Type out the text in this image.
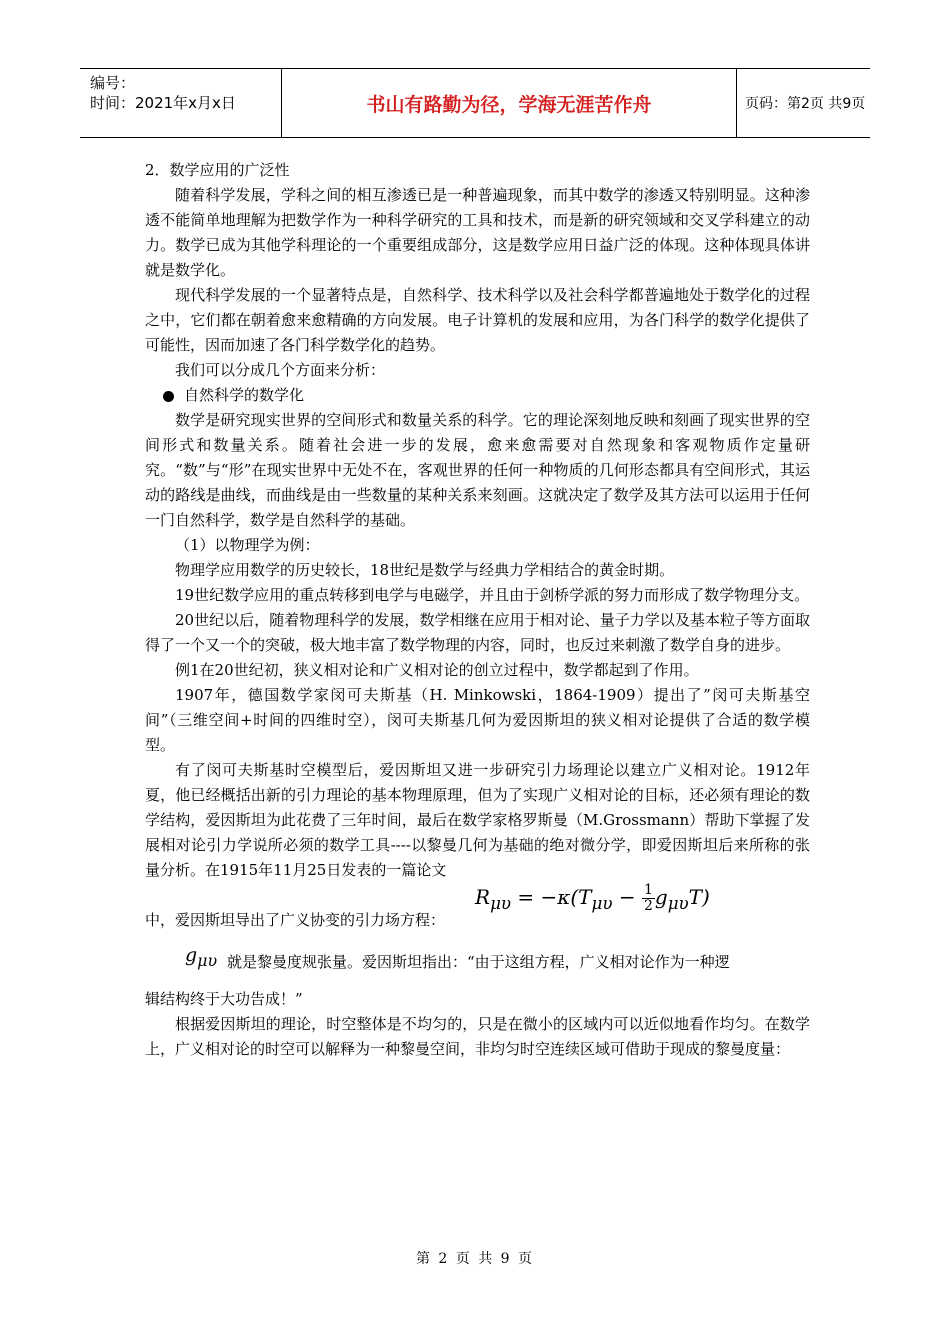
编号：
时间：2021年x月x日	书山有路勤为径，学海无涯苦作舟	页码：第2页 共9页

2．数学应用的广泛性

随着科学发展，学科之间的相互渗透已是一种普遍现象，而其中数学的渗透又特别明显。这种渗透不能简单地理解为把数学作为一种科学研究的工具和技术，而是新的研究领域和交叉学科建立的动力。数学已成为其他学科理论的一个重要组成部分，这是数学应用日益广泛的体现。这种体现具体讲就是数学化。

现代科学发展的一个显著特点是，自然科学、技术科学以及社会科学都普遍地处于数学化的过程之中，它们都在朝着愈来愈精确的方向发展。电子计算机的发展和应用，为各门科学的数学化提供了可能性，因而加速了各门科学数学化的趋势。

我们可以分成几个方面来分析：

自然科学的数学化

数学是研究现实世界的空间形式和数量关系的科学。它的理论深刻地反映和刻画了现实世界的空间形式和数量关系。随着社会进一步的发展，愈来愈需要对自然现象和客观物质作定量研究。“数”与“形”在现实世界中无处不在，客观世界的任何一种物质的几何形态都具有空间形式，其运动的路线是曲线，而曲线是由一些数量的某种关系来刻画。这就决定了数学及其方法可以运用于任何一门自然科学，数学是自然科学的基础。

（1）以物理学为例：

物理学应用数学的历史较长，18世纪是数学与经典力学相结合的黄金时期。

19世纪数学应用的重点转移到电学与电磁学，并且由于剑桥学派的努力而形成了数学物理分支。

20世纪以后，随着物理科学的发展，数学相继在应用于相对论、量子力学以及基本粒子等方面取得了一个又一个的突破，极大地丰富了数学物理的内容，同时，也反过来刺激了数学自身的进步。

例1在20世纪初，狭义相对论和广义相对论的创立过程中，数学都起到了作用。

1907年，德国数学家闵可夫斯基（H. Minkowski，1864-1909）提出了”闵可夫斯基空间”（三维空间+时间的四维时空），闵可夫斯基几何为爱因斯坦的狭义相对论提供了合适的数学模型。

有了闵可夫斯基时空模型后，爱因斯坦又进一步研究引力场理论以建立广义相对论。1912年夏，他已经概括出新的引力理论的基本物理原理，但为了实现广义相对论的目标，还必须有理论的数学结构，爱因斯坦为此花费了三年时间，最后在数学家格罗斯曼（M.Grossmann）帮助下掌握了发展相对论引力学说所必须的数学工具----以黎曼几何为基础的绝对微分学，即爱因斯坦后来所称的张量分析。在1915年11月25日发表的一篇论文

中，爱因斯坦导出了广义协变的引力场方程：
$R_{\mu\upsilon} = -\kappa(T_{\mu\upsilon} - \frac{1}{2} g_{\mu\upsilon}T)$
$g_{\mu\upsilon}$ 就是黎曼度规张量。爱因斯坦指出：“由于这组方程，广义相对论作为一种逻

辑结构终于大功告成！”

根据爱因斯坦的理论，时空整体是不均匀的，只是在微小的区域内可以近似地看作均匀。在数学上，广义相对论的时空可以解释为一种黎曼空间，非均匀时空连续区域可借助于现成的黎曼度量：

第 2 页 共 9 页
